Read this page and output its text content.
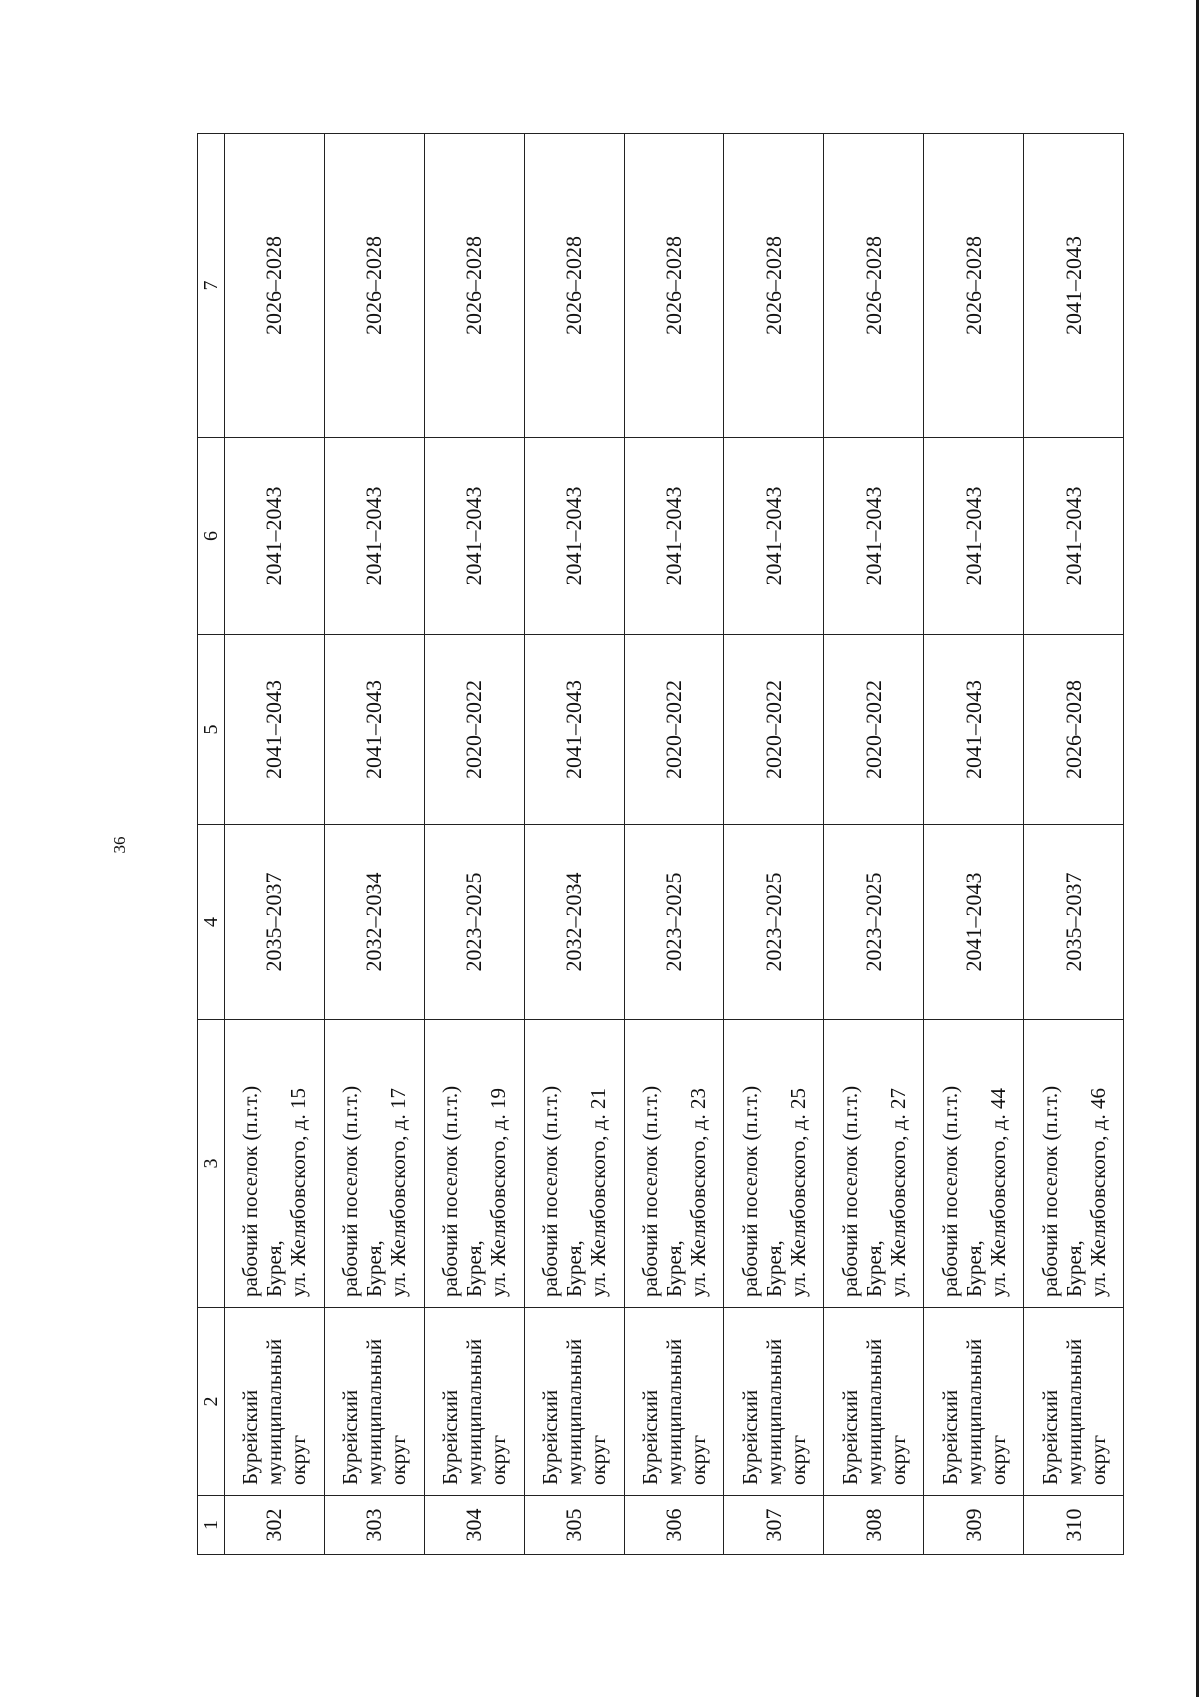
36
1	2	3	4	5	6	7
302	Бурейский муниципальный округ	рабочий поселок (п.г.т.) Бурея, ул. Желябовского, д. 15	2035–2037	2041–2043	2041–2043	2026–2028
303	Бурейский муниципальный округ	рабочий поселок (п.г.т.) Бурея, ул. Желябовского, д. 17	2032–2034	2041–2043	2041–2043	2026–2028
304	Бурейский муниципальный округ	рабочий поселок (п.г.т.) Бурея, ул. Желябовского, д. 19	2023–2025	2020–2022	2041–2043	2026–2028
305	Бурейский муниципальный округ	рабочий поселок (п.г.т.) Бурея, ул. Желябовского, д. 21	2032–2034	2041–2043	2041–2043	2026–2028
306	Бурейский муниципальный округ	рабочий поселок (п.г.т.) Бурея, ул. Желябовского, д. 23	2023–2025	2020–2022	2041–2043	2026–2028
307	Бурейский муниципальный округ	рабочий поселок (п.г.т.) Бурея, ул. Желябовского, д. 25	2023–2025	2020–2022	2041–2043	2026–2028
308	Бурейский муниципальный округ	рабочий поселок (п.г.т.) Бурея, ул. Желябовского, д. 27	2023–2025	2020–2022	2041–2043	2026–2028
309	Бурейский муниципальный округ	рабочий поселок (п.г.т.) Бурея, ул. Желябовского, д. 44	2041–2043	2041–2043	2041–2043	2026–2028
310	Бурейский муниципальный округ	рабочий поселок (п.г.т.) Бурея, ул. Желябовского, д. 46	2035–2037	2026–2028	2041–2043	2041–2043
